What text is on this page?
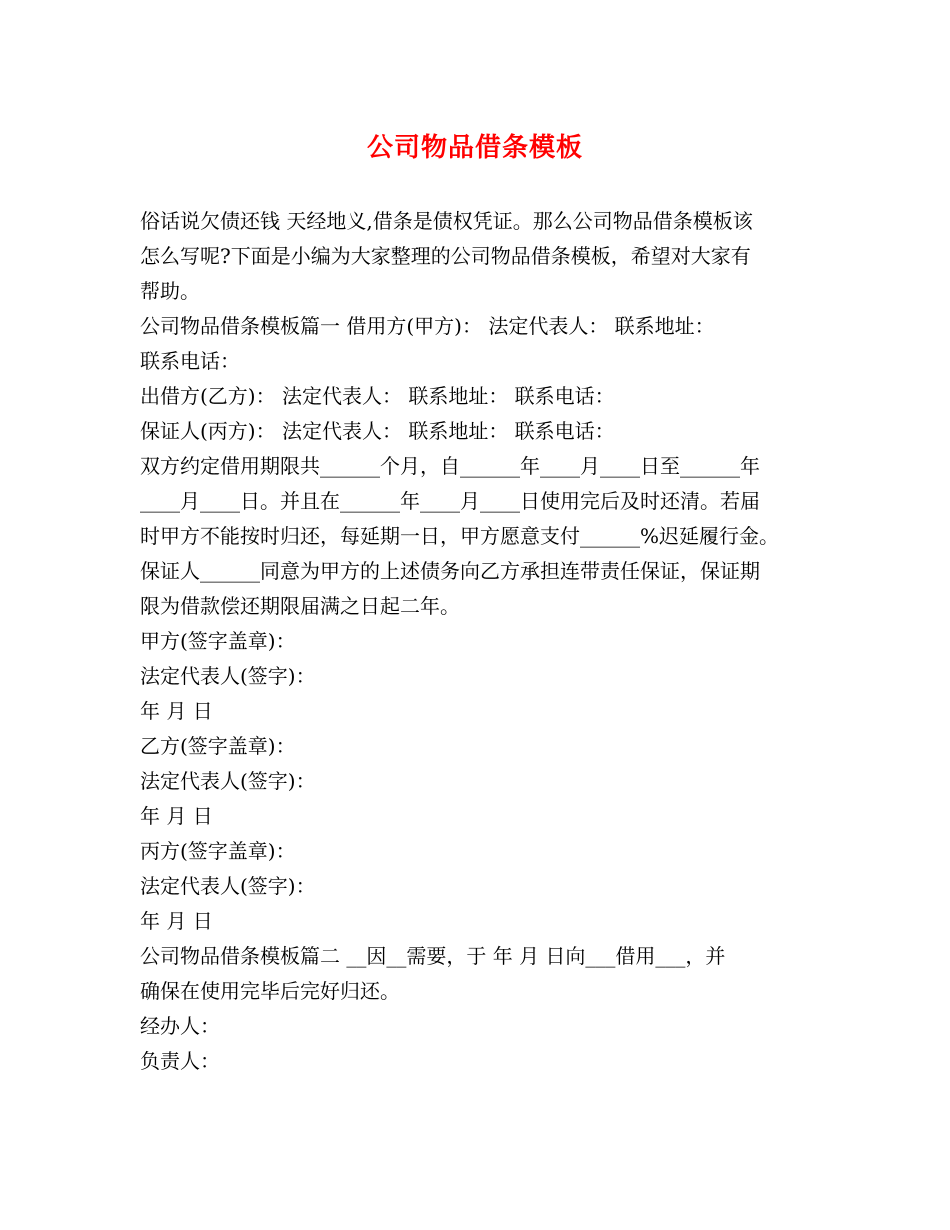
公司物品借条模板
俗话说欠债还钱 天经地义,借条是债权凭证。那么公司物品借条模板该
怎么写呢?下面是小编为大家整理的公司物品借条模板，希望对大家有
帮助。
公司物品借条模板篇一 借用方(甲方)： 法定代表人： 联系地址：
联系电话：
出借方(乙方)： 法定代表人： 联系地址： 联系电话：
保证人(丙方)： 法定代表人： 联系地址： 联系电话：
双方约定借用期限共______个月，自______年____月____日至______年
____月____日。并且在______年____月____日使用完后及时还清。若届
时甲方不能按时归还，每延期一日，甲方愿意支付______%迟延履行金。
保证人______同意为甲方的上述债务向乙方承担连带责任保证，保证期
限为借款偿还期限届满之日起二年。
甲方(签字盖章)：
法定代表人(签字)：
年 月 日
乙方(签字盖章)：
法定代表人(签字)：
年 月 日
丙方(签字盖章)：
法定代表人(签字)：
年 月 日
公司物品借条模板篇二 __因__需要，于 年 月 日向___借用___，并
确保在使用完毕后完好归还。
经办人：
负责人：
